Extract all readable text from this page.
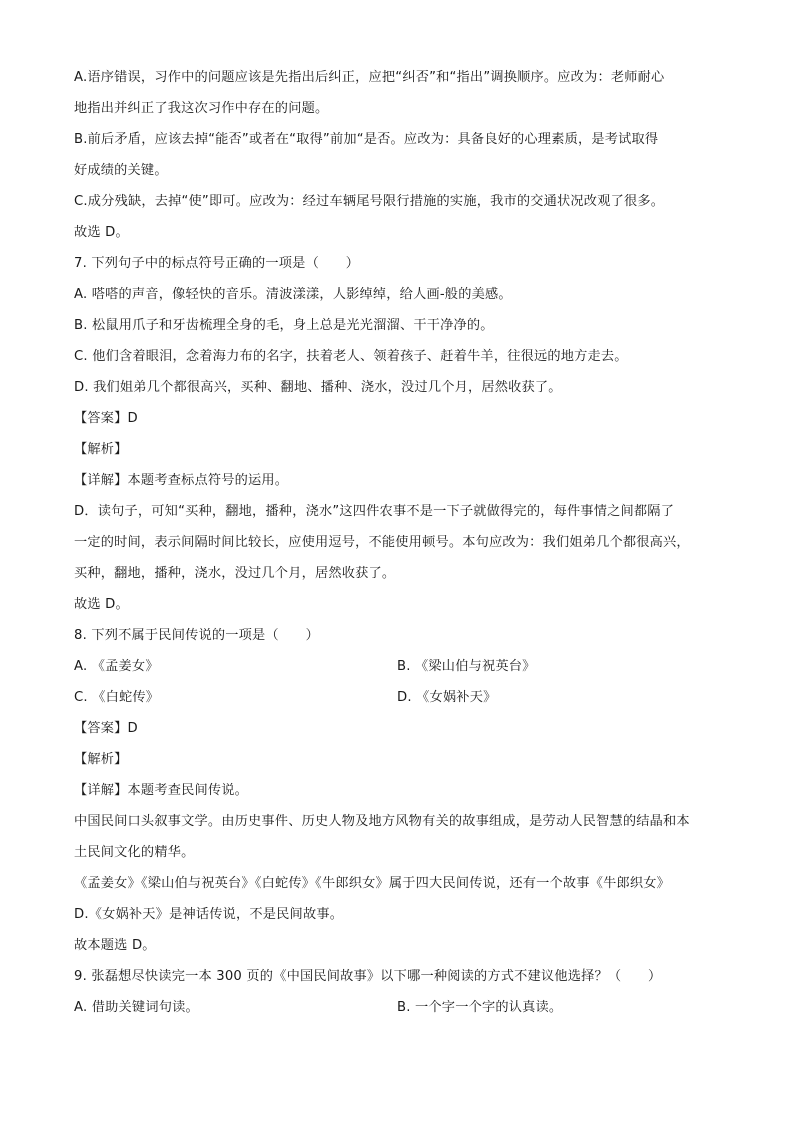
A.语序错误，习作中的问题应该是先指出后纠正，应把“纠否”和“指出”调换顺序。应改为：老师耐心
地指出并纠正了我这次习作中存在的问题。
B.前后矛盾，应该去掉“能否”或者在“取得”前加“是否。应改为：具备良好的心理素质，是考试取得
好成绩的关键。
C.成分残缺，去掉“使”即可。应改为：经过车辆尾号限行措施的实施，我市的交通状况改观了很多。
故选 D。
7. 下列句子中的标点符号正确的一项是（　　）
A. 嗒嗒的声音，像轻快的音乐。清波漾漾，人影绰绰，给人画-般的美感。
B. 松鼠用爪子和牙齿梳理全身的毛，身上总是光光溜溜、干干净净的。
C. 他们含着眼泪，念着海力布的名字，扶着老人、领着孩子、赶着牛羊，往很远的地方走去。
D. 我们姐弟几个都很高兴，买种、翻地、播种、浇水，没过几个月，居然收获了。
【答案】D
【解析】
【详解】本题考查标点符号的运用。
D．读句子，可知“买种，翻地，播种，浇水”这四件农事不是一下子就做得完的，每件事情之间都隔了
一定的时间，表示间隔时间比较长，应使用逗号，不能使用顿号。本句应改为：我们姐弟几个都很高兴，
买种，翻地，播种，浇水，没过几个月，居然收获了。
故选 D。
8. 下列不属于民间传说的一项是（　　）
A. 《孟姜女》	B. 《梁山伯与祝英台》
C. 《白蛇传》	D. 《女娲补天》
【答案】D
【解析】
【详解】本题考查民间传说。
中国民间口头叙事文学。由历史事件、历史人物及地方风物有关的故事组成，是劳动人民智慧的结晶和本
土民间文化的精华。
《孟姜女》《梁山伯与祝英台》《白蛇传》《牛郎织女》属于四大民间传说，还有一个故事《牛郎织女》
D.《女娲补天》是神话传说，不是民间故事。
故本题选 D。
9. 张磊想尽快读完一本 300 页的《中国民间故事》以下哪一种阅读的方式不建议他选择？（　　）
A. 借助关键词句读。	B. 一个字一个字的认真读。
